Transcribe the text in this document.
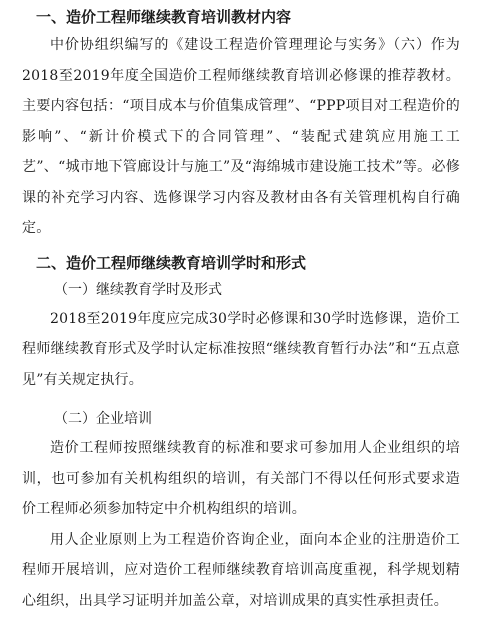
一、造价工程师继续教育培训教材内容

中价协组织编写的《建设工程造价管理理论与实务》（六）作为2018至2019年度全国造价工程师继续教育培训必修课的推荐教材。主要内容包括：“项目成本与价值集成管理”、“PPP项目对工程造价的影响”、“新计价模式下的合同管理”、“装配式建筑应用施工工艺”、“城市地下管廊设计与施工”及“海绵城市建设施工技术”等。必修课的补充学习内容、选修课学习内容及教材由各有关管理机构自行确定。

二、造价工程师继续教育培训学时和形式
（一）继续教育学时及形式

2018至2019年度应完成30学时必修课和30学时选修课，造价工程师继续教育形式及学时认定标准按照“继续教育暂行办法”和“五点意见”有关规定执行。

（二）企业培训

造价工程师按照继续教育的标准和要求可参加用人企业组织的培训，也可参加有关机构组织的培训，有关部门不得以任何形式要求造价工程师必须参加特定中介机构组织的培训。

用人企业原则上为工程造价咨询企业，面向本企业的注册造价工程师开展培训，应对造价工程师继续教育培训高度重视，科学规划精心组织，出具学习证明并加盖公章，对培训成果的真实性承担责任。
